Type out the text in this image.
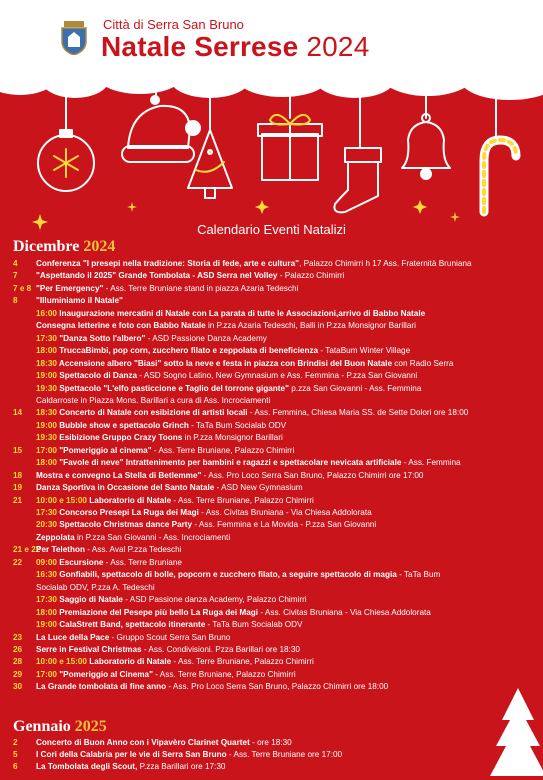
Città di Serra San Bruno
Natale Serrese 2024
Calendario Eventi Natalizi
Dicembre 2024
Gennaio 2025
4 Conferenza "I presepi nella tradizione: Storia di fede, arte e cultura", Palazzo Chimirri h 17 Ass. Fraternità Bruniana
7 "Aspettando il 2025" Grande Tombolata - ASD Serra nel Volley - Palazzo Chimirri
7 e 8 "Per Emergency" - Ass. Terre Bruniane stand in piazza Azaria Tedeschi
8 "Illuminiamo il Natale"
16:00 Inaugurazione mercatini di Natale con La parata di tutte le Associazioni,arrivo di Babbo Natale
Consegna letterine e foto con Babbo Natale in P.zza Azaria Tedeschi, Balli in P.zza Monsignor Barillari
17:30 "Danza Sotto l'albero" - ASD Passione Danza Academy
18:00 TruccaBimbi, pop corn, zucchero filato e zeppolata di beneficienza - TataBum Winter Village
18:30 Accensione albero "Biasi" sotto la neve e festa in piazza con Brindisi del Buon Natale con Radio Serra
19:00 Spettacolo di Danza - ASD Sogno Latino, New Gymnasium e Ass. Femmina - P.zza San Giovanni
19:30 Spettacolo "L'elfo pasticcione e Taglio del torrone gigante" p.zza San Giovanni - Ass. Femmina
Caldarroste in Piazza Mons. Barillari a cura di Ass. Incrociamenti
14 18:30 Concerto di Natale con esibizione di artisti locali - Ass. Femmina, Chiesa Maria SS. de Sette Dolori ore 18:00
19:00 Bubble show e spettacolo Grinch - TaTa Bum Socialab ODV
19:30 Esibizione Gruppo Crazy Toons in P.zza Monsignor Barillari
15 17:00 "Pomeriggio al cinema" - Ass. Terre Bruniane, Palazzo Chimirri
18:00 "Favole di neve" Intrattenimento per bambini e ragazzi e spettacolare nevicata artificiale - Ass. Femmina
18 Mostra e convegno La Stella di Betlemme" - Ass. Pro Loco Serra San Bruno, Palazzo Chimirri ore 17:00
19 Danza Sportiva in Occasione del Santo Natale - ASD New Gymnasium
21 10:00 e 15:00 Laboratorio di Natale - Ass. Terre Bruniane, Palazzo Chimirri
17:30 Concorso Presepi La Ruga dei Magi - Ass. Civitas Bruniana - Via Chiesa Addolorata
20:30 Spettacolo Christmas dance Party - Ass. Femmina e La Movida - P.zza San Giovanni
Zeppolata in P.zza San Giovanni - Ass. Incrociamenti
21 e 22
Per Telethon - Ass. Aval P.zza Tedeschi
22 09:00 Escursione - Ass. Terre Bruniane
16:30 Gonfiabili, spettacolo di bolle, popcorn e zucchero filato, a seguire spettacolo di magia - TaTa Bum
Socialab ODV, P.zza A. Tedeschi
17:30 Saggio di Natale - ASD Passione danza Academy, Palazzo Chimirri
18:00 Premiazione del Pesepe più bello La Ruga dei Magi - Ass. Civitas Bruniana - Via Chiesa Addolorata
19:00 CalaStrett Band, spettacolo itinerante - TaTa Bum Socialab ODV
23 La Luce della Pace - Gruppo Scout Serra San Bruno
26 Serre in Festival Christmas - Ass. Condivisioni. Pzza Barillari ore 18:30
28 10:00 e 15:00 Laboratorio di Natale - Ass. Terre Bruniane, Palazzo Chimirri
29 17:00 "Pomeriggio al Cinema" - Ass. Terre Bruniane, Palazzo Chimirri
30 La Grande tombolata di fine anno - Ass. Pro Loco Serra San Bruno, Palazzo Chimirri ore 18:00
2 Concerto di Buon Anno con i Vipavèro Clarinet Quartet - ore 18:30
5 I Cori della Calabria per le vie di Serra San Bruno - Ass. Terre Bruniane ore 17:00
6 La Tombolata degli Scout, P.zza Barillari ore 17:30
